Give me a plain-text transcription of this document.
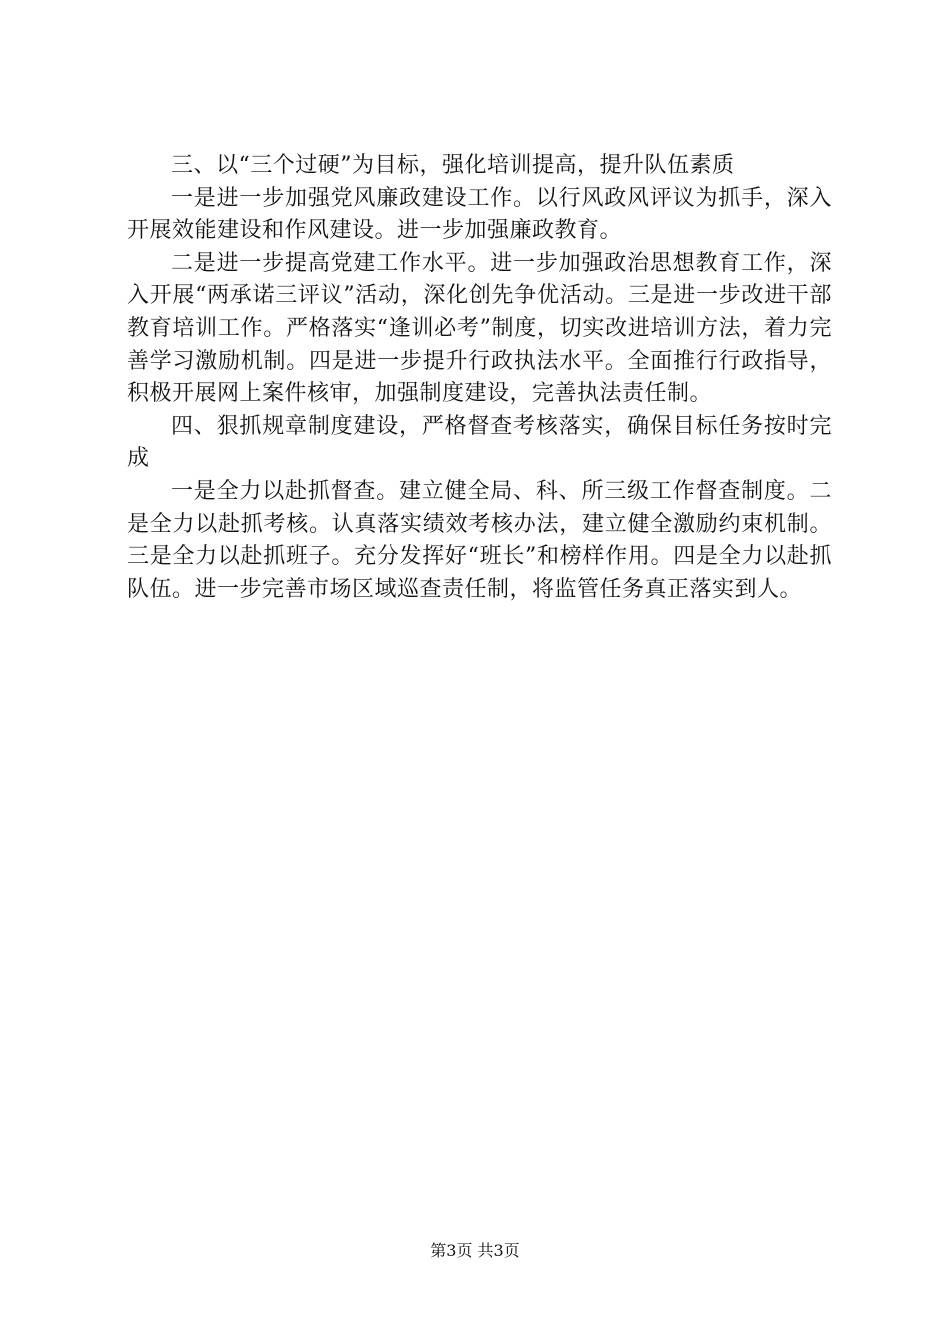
三、以“三个过硬”为目标，强化培训提高，提升队伍素质

一是进一步加强党风廉政建设工作。以行风政风评议为抓手，深入开展效能建设和作风建设。进一步加强廉政教育。

二是进一步提高党建工作水平。进一步加强政治思想教育工作，深入开展“两承诺三评议”活动，深化创先争优活动。三是进一步改进干部教育培训工作。严格落实“逢训必考”制度，切实改进培训方法，着力完善学习激励机制。四是进一步提升行政执法水平。全面推行行政指导，积极开展网上案件核审，加强制度建设，完善执法责任制。

四、狠抓规章制度建设，严格督查考核落实，确保目标任务按时完成

一是全力以赴抓督查。建立健全局、科、所三级工作督查制度。二是全力以赴抓考核。认真落实绩效考核办法，建立健全激励约束机制。三是全力以赴抓班子。充分发挥好“班长”和榜样作用。四是全力以赴抓队伍。进一步完善市场区域巡查责任制，将监管任务真正落实到人。

第3页 共3页
